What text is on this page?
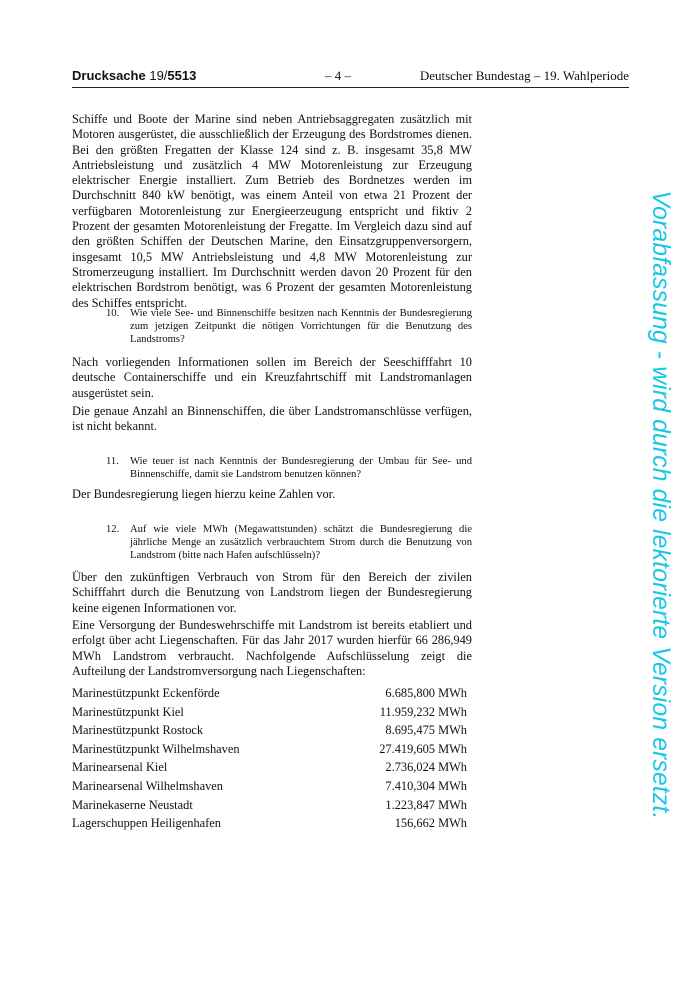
Drucksache 19/5513	– 4 –	Deutscher Bundestag – 19. Wahlperiode

Schiffe und Boote der Marine sind neben Antriebsaggregaten zusätzlich mit Motoren ausgerüstet, die ausschließlich der Erzeugung des Bordstromes dienen. Bei den größten Fregatten der Klasse 124 sind z. B. insgesamt 35,8 MW Antriebsleistung und zusätzlich 4 MW Motorenleistung zur Erzeugung elektrischer Energie installiert. Zum Betrieb des Bordnetzes werden im Durchschnitt 840 kW benötigt, was einem Anteil von etwa 21 Prozent der verfügbaren Motorenleistung zur Energieerzeugung entspricht und fiktiv 2 Prozent der gesamten Motorenleistung der Fregatte. Im Vergleich dazu sind auf den größten Schiffen der Deutschen Marine, den Einsatzgruppenversorgern, insgesamt 10,5 MW Antriebsleistung und 4,8 MW Motorenleistung zur Stromerzeugung installiert. Im Durchschnitt werden davon 20 Prozent für den elektrischen Bordstrom benötigt, was 6 Prozent der gesamten Motorenleistung des Schiffes entspricht.

10.	Wie viele See- und Binnenschiffe besitzen nach Kenntnis der Bundesregierung zum jetzigen Zeitpunkt die nötigen Vorrichtungen für die Benutzung des Landstroms?

Nach vorliegenden Informationen sollen im Bereich der Seeschifffahrt 10 deutsche Containerschiffe und ein Kreuzfahrtschiff mit Landstromanlagen ausgerüstet sein.

Die genaue Anzahl an Binnenschiffen, die über Landstromanschlüsse verfügen, ist nicht bekannt.

11.	Wie teuer ist nach Kenntnis der Bundesregierung der Umbau für See- und Binnenschiffe, damit sie Landstrom benutzen können?

Der Bundesregierung liegen hierzu keine Zahlen vor.

12.	Auf wie viele MWh (Megawattstunden) schätzt die Bundesregierung die jährliche Menge an zusätzlich verbrauchtem Strom durch die Benutzung von Landstrom (bitte nach Hafen aufschlüsseln)?

Über den zukünftigen Verbrauch von Strom für den Bereich der zivilen Schifffahrt durch die Benutzung von Landstrom liegen der Bundesregierung keine eigenen Informationen vor.

Eine Versorgung der Bundeswehrschiffe mit Landstrom ist bereits etabliert und erfolgt über acht Liegenschaften. Für das Jahr 2017 wurden hierfür 66 286,949 MWh Landstrom verbraucht. Nachfolgende Aufschlüsselung zeigt die Aufteilung der Landstromversorgung nach Liegenschaften:

Marinestützpunkt Eckenförde	6.685,800 MWh
Marinestützpunkt Kiel	11.959,232 MWh
Marinestützpunkt Rostock	8.695,475 MWh
Marinestützpunkt Wilhelmshaven	27.419,605 MWh
Marinearsenal Kiel	2.736,024 MWh
Marinearsenal Wilhelmshaven	7.410,304 MWh
Marinekaserne Neustadt	1.223,847 MWh
Lagerschuppen Heiligenhafen	156,662 MWh
Vorabfassung - wird durch die lektorierte Version ersetzt.
